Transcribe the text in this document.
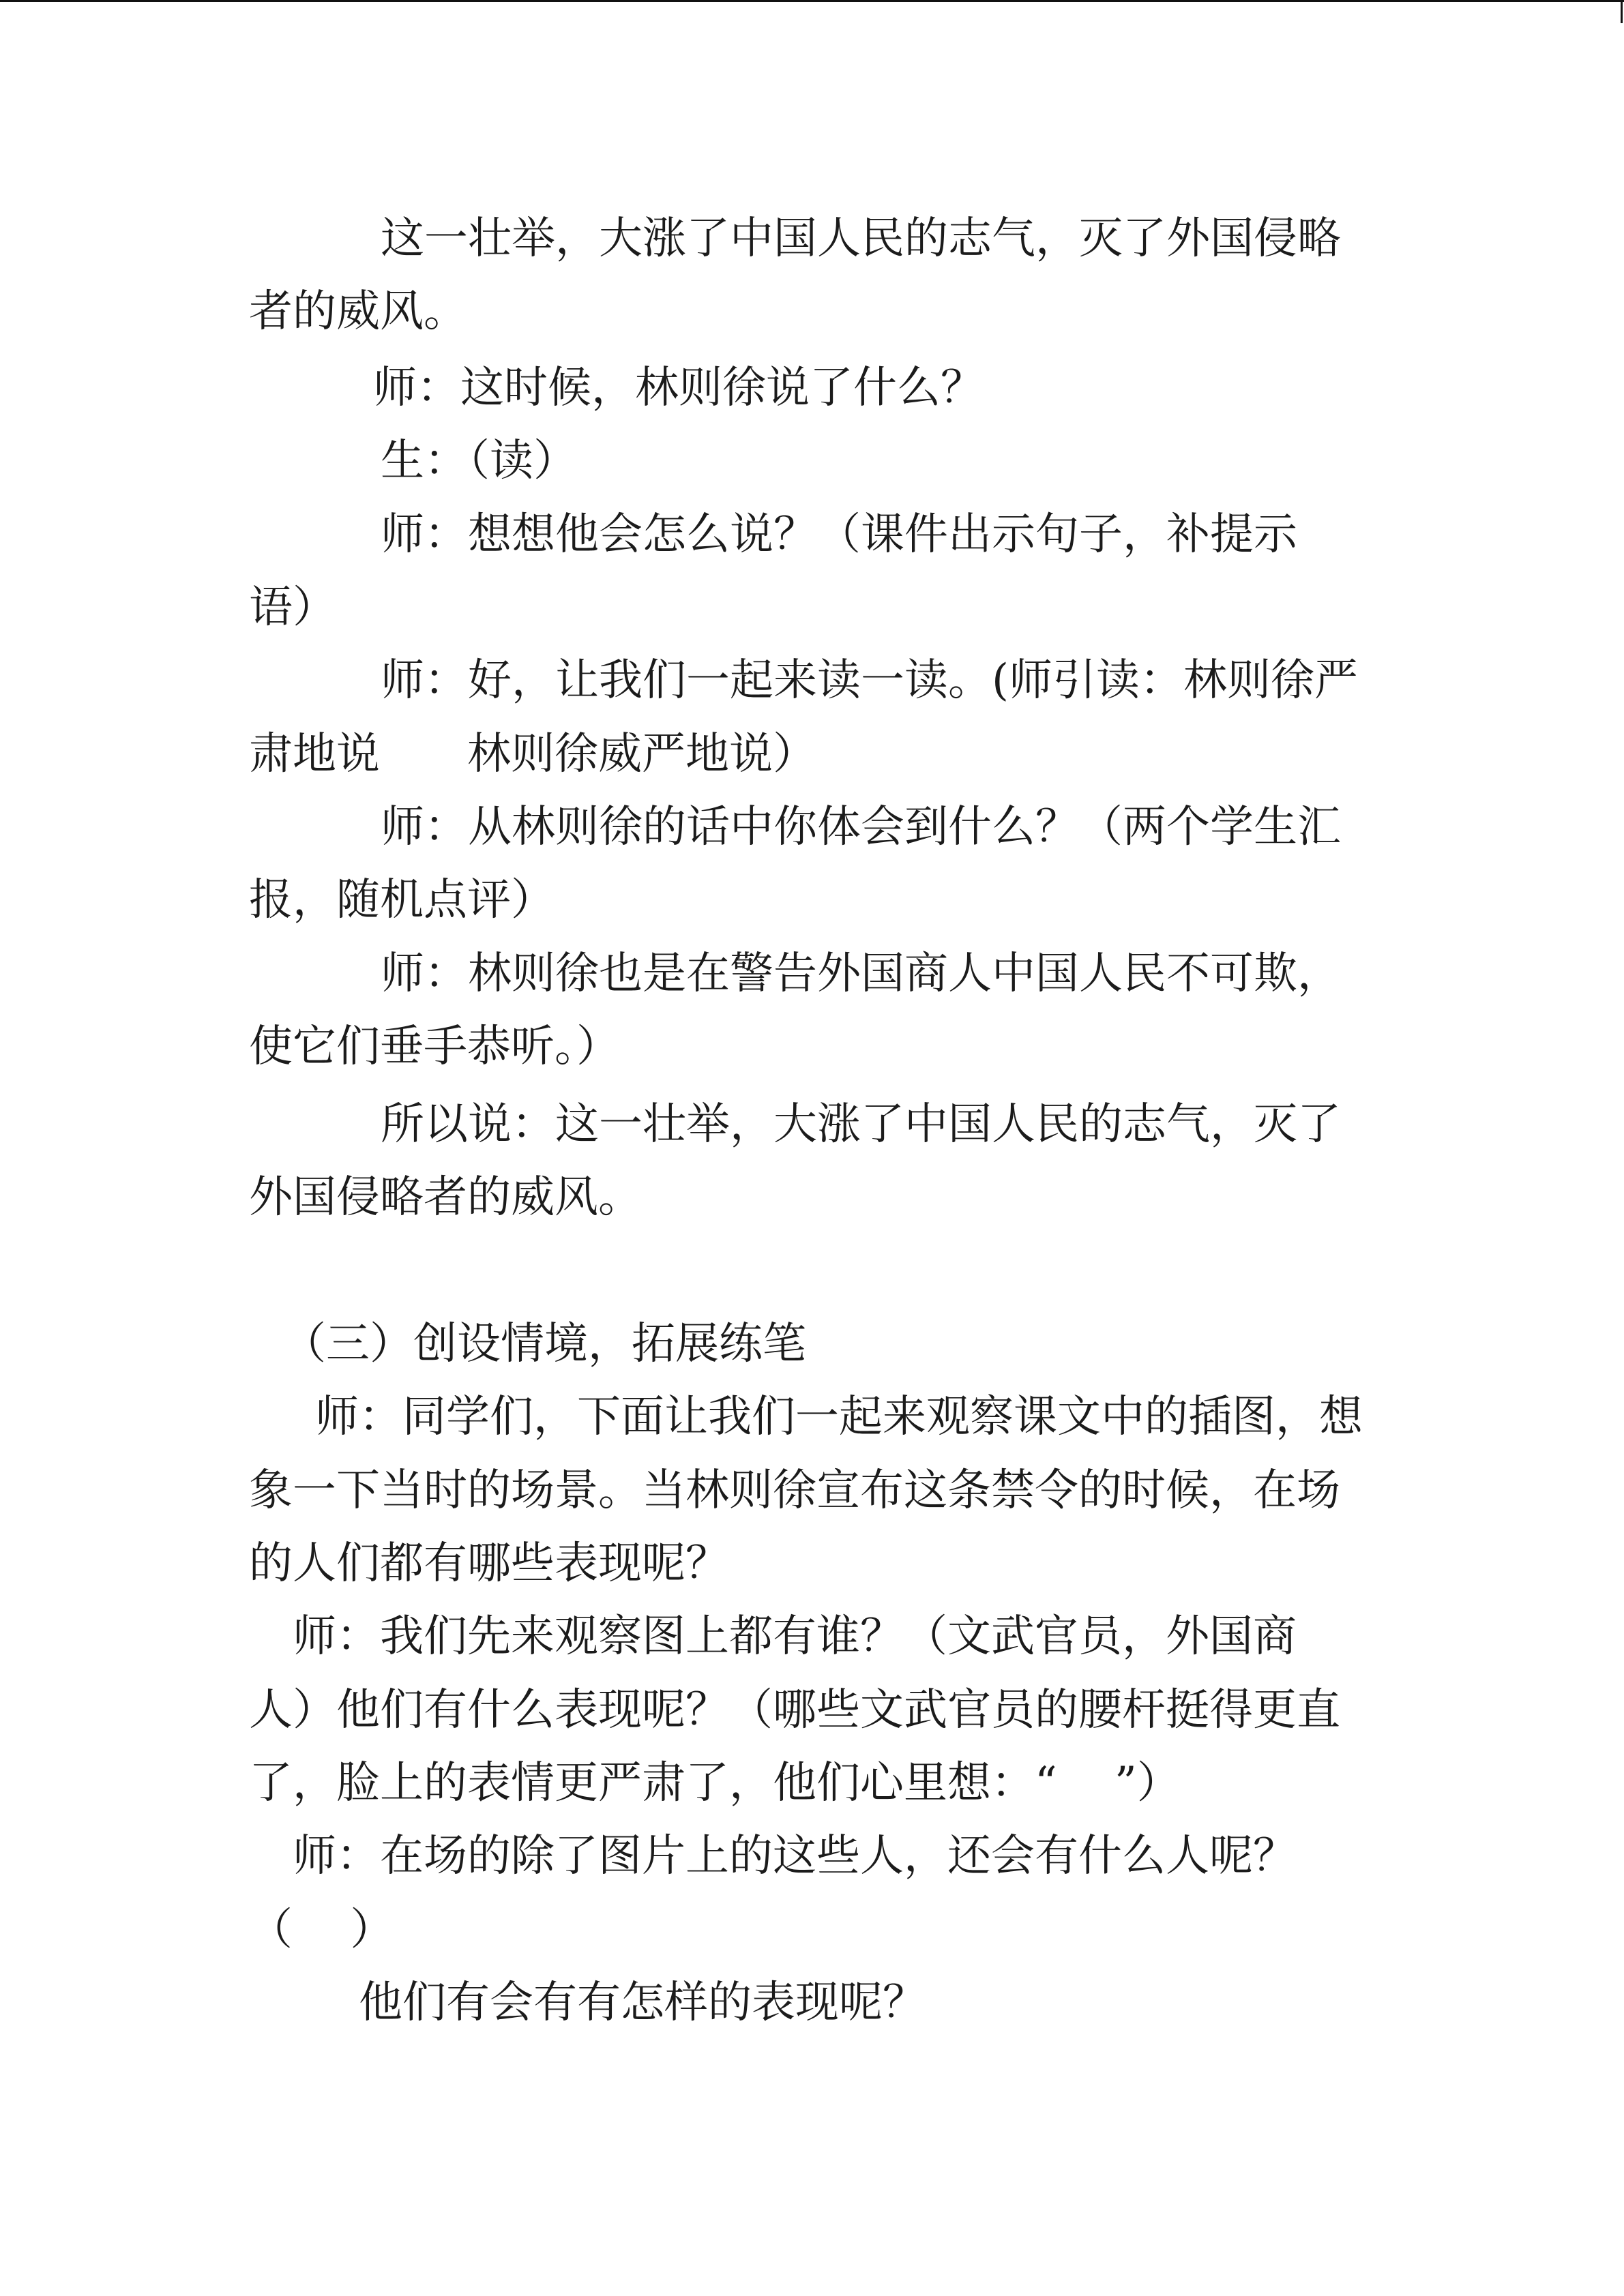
这一壮举，大涨了中国人民的志气，灭了外国侵略
者的威风。
师：这时候，林则徐说了什么？
生：（读）
师：想想他会怎么说？（课件出示句子，补提示
语）
师：好，让我们一起来读一读。(师引读：林则徐严
肃地说　　林则徐威严地说）
师：从林则徐的话中你体会到什么？（两个学生汇
报，随机点评）
师：林则徐也是在警告外国商人中国人民不可欺，
使它们垂手恭听。）
所以说：这一壮举，大涨了中国人民的志气，灭了
外国侵略者的威风。
（三）创设情境，拓展练笔
师：同学们，下面让我们一起来观察课文中的插图，想
象一下当时的场景。当林则徐宣布这条禁令的时候，在场
的人们都有哪些表现呢？
师：我们先来观察图上都有谁？（文武官员，外国商
人）他们有什么表现呢？（哪些文武官员的腰杆挺得更直
了，脸上的表情更严肃了，他们心里想：“　 ”）
师：在场的除了图片上的这些人，还会有什么人呢？
（　 ）
他们有会有有怎样的表现呢？
